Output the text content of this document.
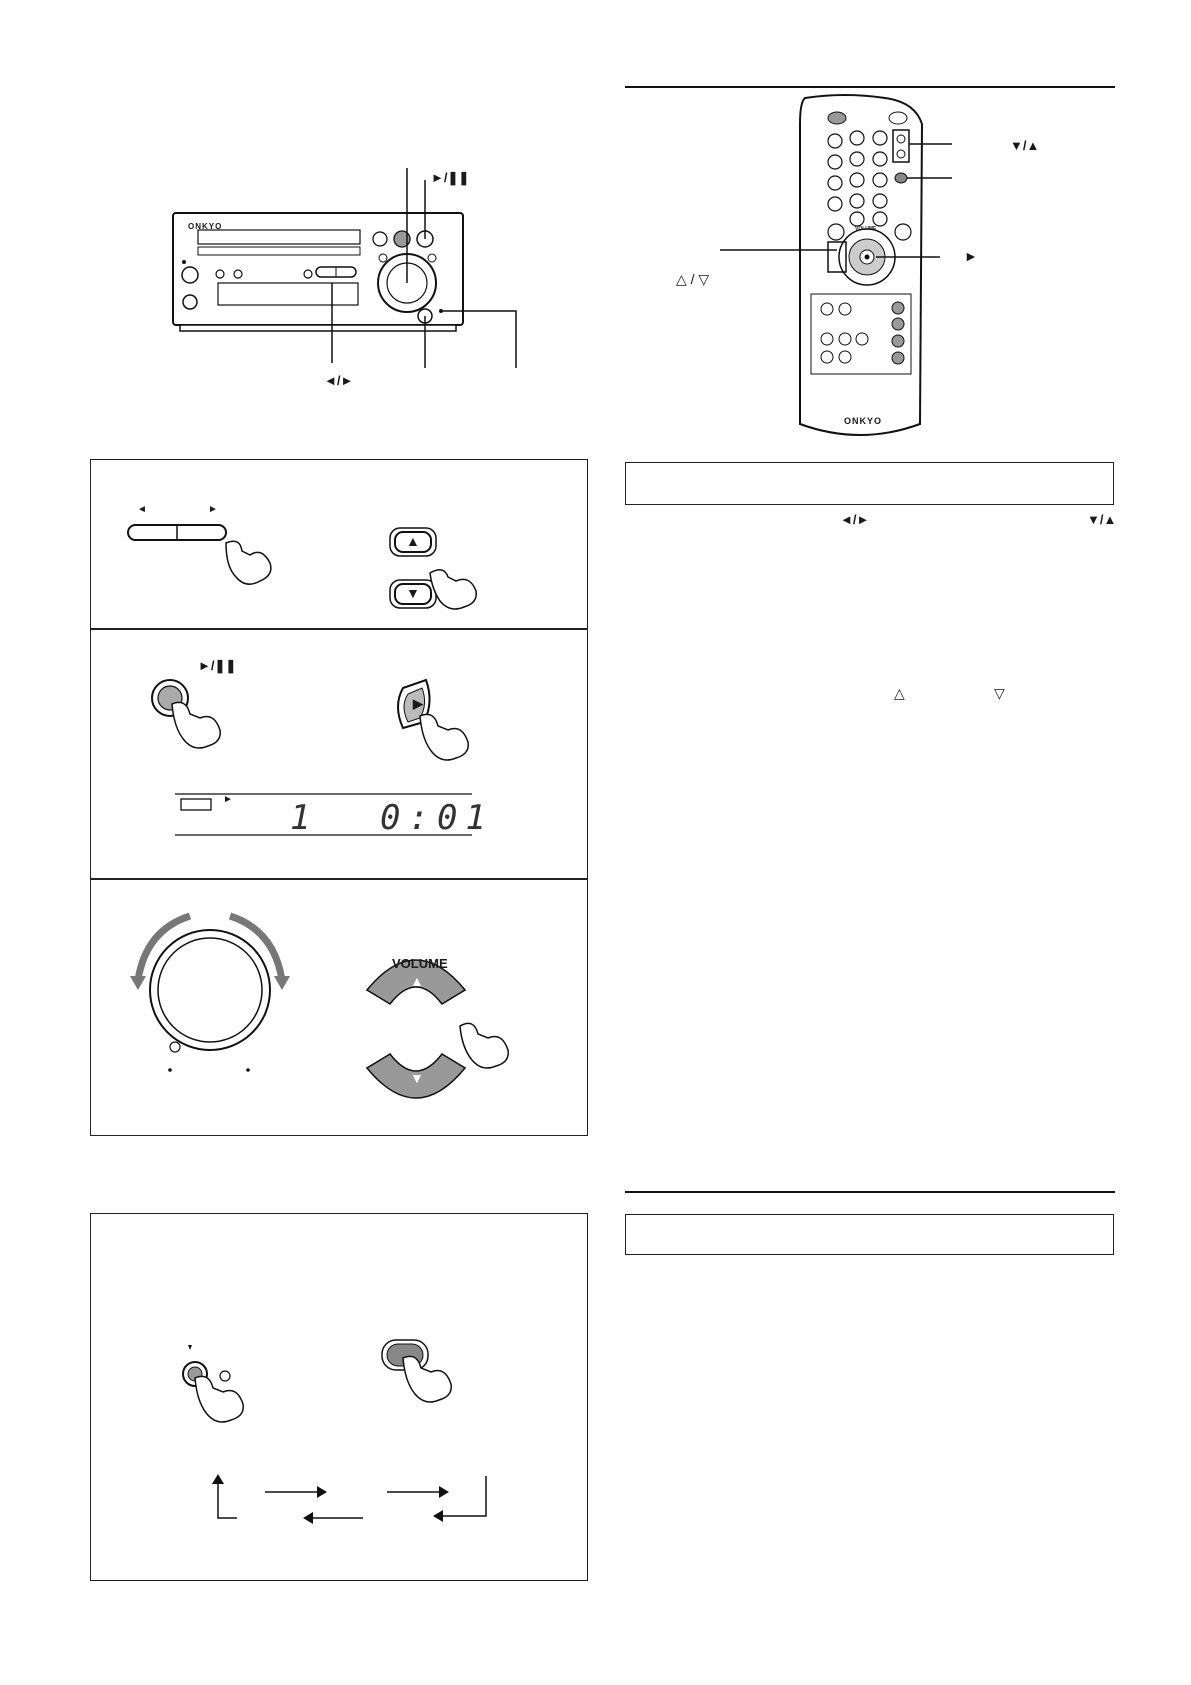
ONKYO
►/❚❚
◄/►
ONKYO
VOLUME
▼/▲
►
△ / ▽
◄	►
▲
▼
►/❚❚
▶
► 1 0:01
VOLUME
▲
▼
◄/►	▼/▲
△	▽
